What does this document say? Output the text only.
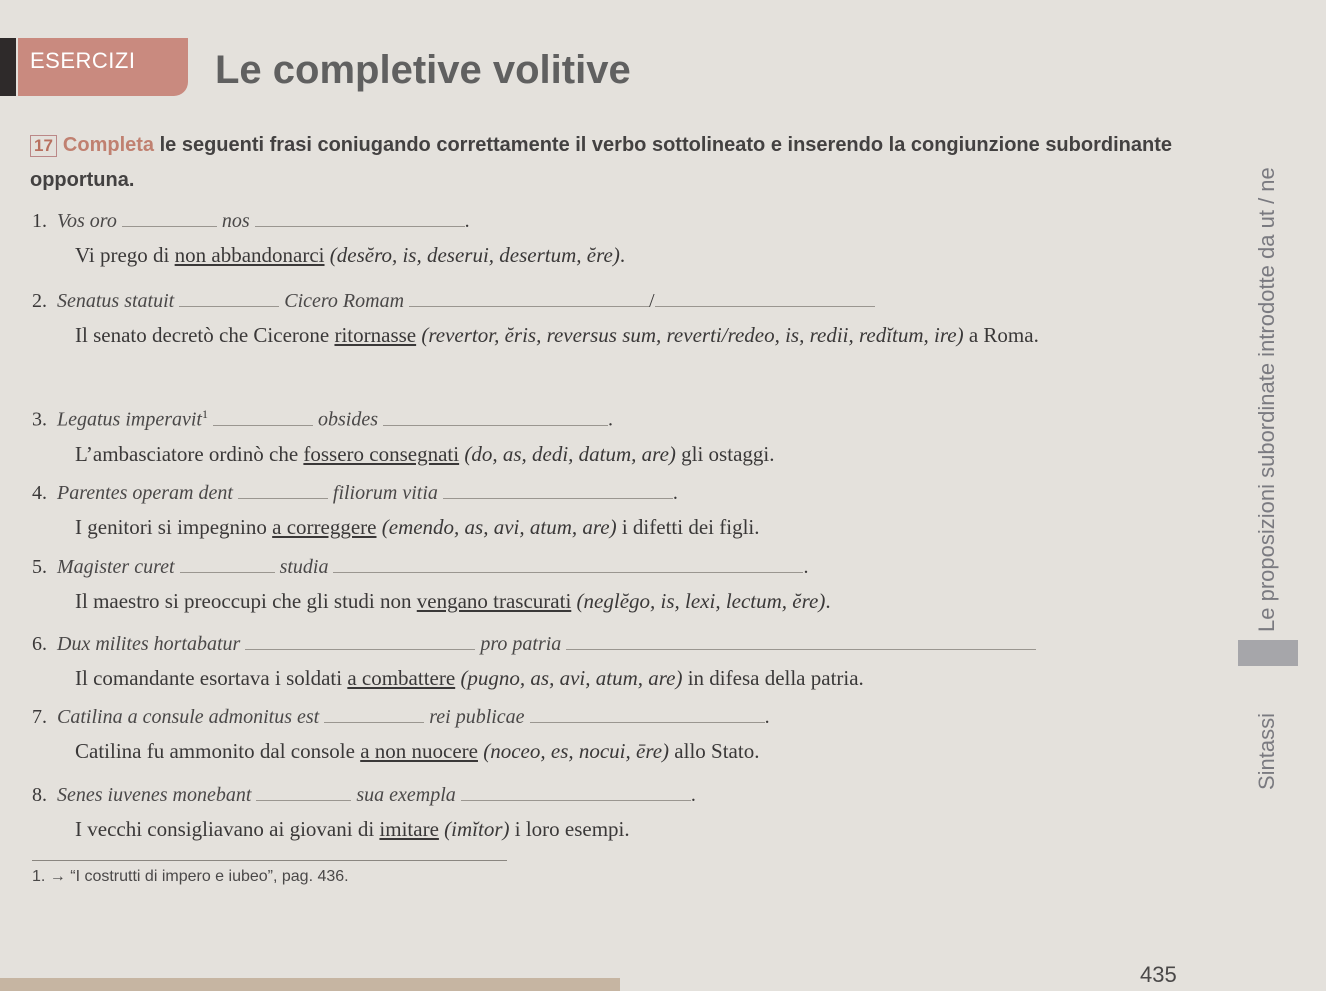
ESERCIZI Le completive volitive
17 Completa le seguenti frasi coniugando correttamente il verbo sottolineato e inserendo la congiunzione subordinante opportuna.
1. Vos oro	nos	.
Vi prego di non abbandonarci (desĕro, is, deserui, desertum, ĕre).
2. Senatus statuit	Cicero Romam	/
Il senato decretò che Cicerone ritornasse (revertor, ĕris, reversus sum, reverti/redeo, is, redii, redĭtum, ire) a Roma.
3. Legatus imperavit$^1$	obsides	.
L’ambasciatore ordinò che fossero consegnati (do, as, dedi, datum, are) gli ostaggi.
4. Parentes operam dent	filiorum vitia	.
I genitori si impegnino a correggere (emendo, as, avi, atum, are) i difetti dei figli.
5. Magister curet	studia	.
Il maestro si preoccupi che gli studi non vengano trascurati (neglĕgo, is, lexi, lectum, ĕre).
6. Dux milites hortabatur	pro patria
Il comandante esortava i soldati a combattere (pugno, as, avi, atum, are) in difesa della patria.
7. Catilina a consule admonitus est	rei publicae	.
Catilina fu ammonito dal console a non nuocere (noceo, es, nocui, ēre) allo Stato.
8. Senes iuvenes monebant	sua exempla	.
I vecchi consigliavano ai giovani di imitare (imĭtor) i loro esempi.
1. → “I costrutti di impero e iubeo”, pag. 436.
435
Le proposizioni subordinate introdotte da ut / ne
Sintassi
